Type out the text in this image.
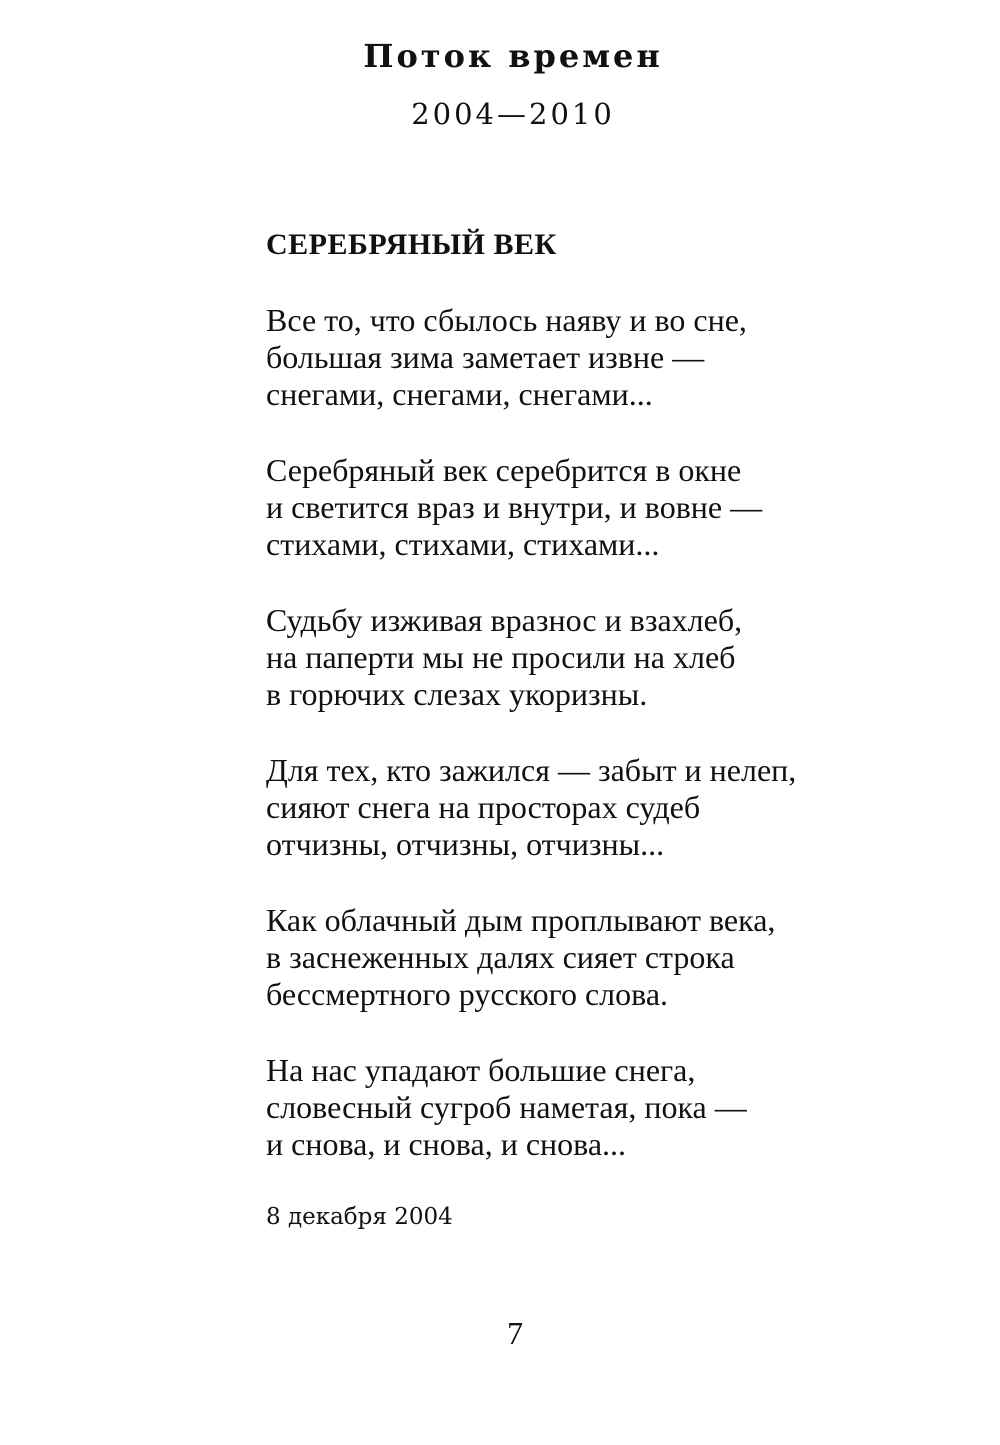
Поток времен
2004—2010
СЕРЕБРЯНЫЙ ВЕК
Все то, что сбылось наяву и во сне,
большая зима заметает извне —
снегами, снегами, снегами...
Серебряный век серебрится в окне
и светится враз и внутри, и вовне —
стихами, стихами, стихами...
Судьбу изживая вразнос и взахлеб,
на паперти мы не просили на хлеб
в горючих слезах укоризны.
Для тех, кто зажился — забыт и нелеп,
сияют снега на просторах судеб
отчизны, отчизны, отчизны...
Как облачный дым проплывают века,
в заснеженных далях сияет строка
бессмертного русского слова.
На нас упадают большие снега,
словесный сугроб наметая, пока —
и снова, и снова, и снова...
8 декабря 2004
7
